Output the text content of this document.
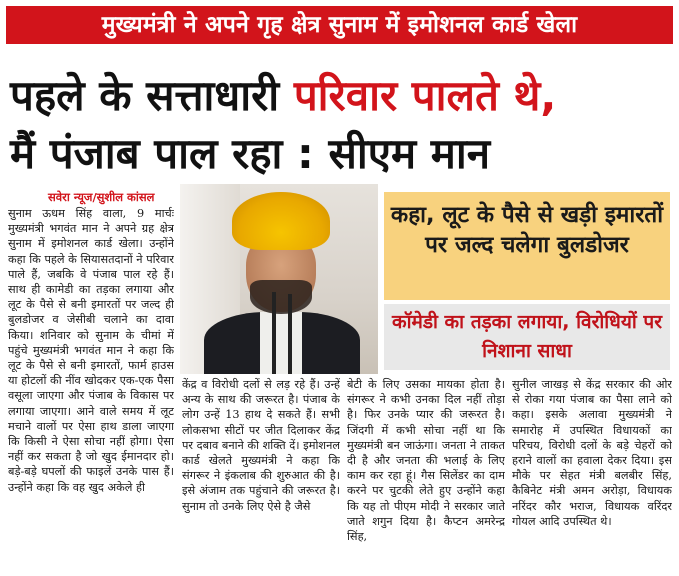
मुख्यमंत्री ने अपने गृह क्षेत्र सुनाम में इमोशनल कार्ड खेला
पहले के सत्ताधारी परिवार पालते थे,
मैं पंजाब पाल रहा : सीएम मान
सवेरा न्यूज/सुशील कांसल

सुनाम ऊधम सिंह वाला, 9 मार्चः मुख्यमंत्री भगवंत मान ने अपने ग्रह क्षेत्र सुनाम में इमोशनल कार्ड खेला। उन्होंने कहा कि पहले के सियासतदानों ने परिवार पाले हैं, जबकि वे पंजाब पाल रहे हैं। साथ ही कामेडी का तड़का लगाया और लूट के पैसे से बनी इमारतों पर जल्द ही बुलडोजर व जेसीबी चलाने का दावा किया। शनिवार को सुनाम के चीमां में पहुंचे मुख्यमंत्री भगवंत मान ने कहा कि लूट के पैसे से बनी इमारतों, फार्म हाउस या होटलों की नींव खोदकर एक-एक पैसा वसूला जाएगा और पंजाब के विकास पर लगाया जाएगा। आने वाले समय में लूट मचाने वालों पर ऐसा हाथ डाला जाएगा कि किसी ने ऐसा सोचा नहीं होगा। ऐसा नहीं कर सकता है जो खुद ईमानदार हो। बड़े-बड़े घपलों की फाइलें उनके पास हैं। उन्होंने कहा कि वह खुद अकेले ही

कहा, लूट के पैसे से खड़ी इमारतों पर जल्द चलेगा बुलडोजर
कॉमेडी का तड़का लगाया, विरोधियों पर निशाना साधा

केंद्र व विरोधी दलों से लड़ रहे हैं। उन्हें अन्य के साथ की जरूरत है। पंजाब के लोग उन्हें 13 हाथ दे सकते हैं। सभी लोकसभा सीटों पर जीत दिलाकर केंद्र पर दबाव बनाने की शक्ति दें। इमोशनल कार्ड खेलते मुख्यमंत्री ने कहा कि संगरूर ने इंकलाब की शुरुआत की है। इसे अंजाम तक पहुंचाने की जरूरत है। सुनाम तो उनके लिए ऐसे है जैसे

बेटी के लिए उसका मायका होता है। संगरूर ने कभी उनका दिल नहीं तोड़ा है। फिर उनके प्यार की जरूरत है। जिंदगी में कभी सोचा नहीं था कि मुख्यमंत्री बन जाऊंगा। जनता ने ताकत दी है और जनता की भलाई के लिए काम कर रहा हूं। गैस सिलेंडर का दाम करने पर चुटकी लेते हुए उन्होंने कहा कि यह तो पीएम मोदी ने सरकार जाते जाते शगुन दिया है। कैप्टन अमरेन्द्र सिंह,

सुनील जाखड़ से केंद्र सरकार की ओर से रोका गया पंजाब का पैसा लाने को कहा। इसके अलावा मुख्यमंत्री ने समारोह में उपस्थित विधायकों का परिचय, विरोधी दलों के बड़े चेहरों को हराने वालों का हवाला देकर दिया। इस मौके पर सेहत मंत्री बलबीर सिंह, कैबिनेट मंत्री अमन अरोड़ा, विधायक नरिंदर कौर भराज, विधायक वरिंदर गोयल आदि उपस्थित थे।
